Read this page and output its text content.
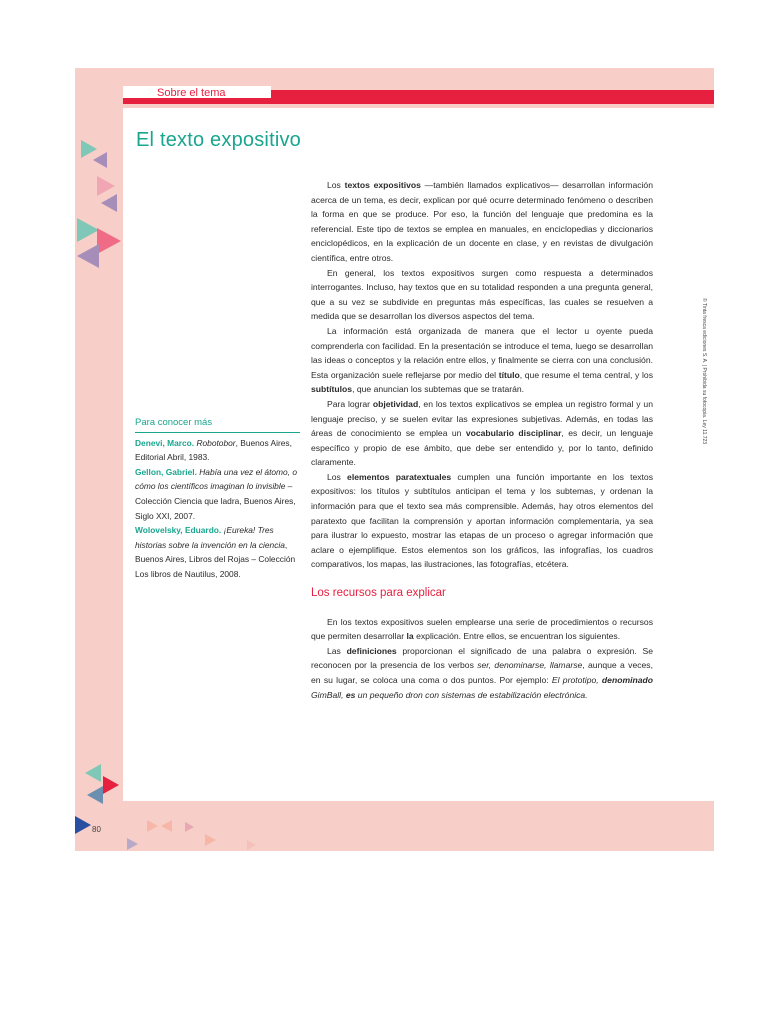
Sobre el tema
El texto expositivo

Los textos expositivos —también llamados explicativos— desarrollan información acerca de un tema, es decir, explican por qué ocurre determinado fenómeno o describen la forma en que se produce. Por eso, la función del lenguaje que predomina es la referencial. Este tipo de textos se emplea en manuales, en enciclopedias y diccionarios enciclopédicos, en la explicación de un docente en clase, y en revistas de divulgación científica, entre otros.

En general, los textos expositivos surgen como respuesta a determinados interrogantes. Incluso, hay textos que en su totalidad responden a una pregunta general, que a su vez se subdivide en preguntas más específicas, las cuales se resuelven a medida que se desarrollan los diversos aspectos del tema.

La información está organizada de manera que el lector u oyente pueda comprenderla con facilidad. En la presentación se introduce el tema, luego se desarrollan las ideas o conceptos y la relación entre ellos, y finalmente se cierra con una conclusión. Esta organización suele reflejarse por medio del título, que resume el tema central, y los subtítulos, que anuncian los subtemas que se tratarán.

Para lograr objetividad, en los textos explicativos se emplea un registro formal y un lenguaje preciso, y se suelen evitar las expresiones subjetivas. Además, en todas las áreas de conocimiento se emplea un vocabulario disciplinar, es decir, un lenguaje específico y propio de ese ámbito, que debe ser entendido y, por lo tanto, definido claramente.

Los elementos paratextuales cumplen una función importante en los textos expositivos: los títulos y subtítulos anticipan el tema y los subtemas, y ordenan la información para que el texto sea más comprensible. Además, hay otros elementos del paratexto que facilitan la comprensión y aportan información complementaria, ya sea para ilustrar lo expuesto, mostrar las etapas de un proceso o agregar información que aclare o ejemplifique. Estos elementos son los gráficos, las infografías, los cuadros comparativos, los mapas, las ilustraciones, las fotografías, etcétera.

Los recursos para explicar

En los textos expositivos suelen emplearse una serie de procedimientos o recursos que permiten desarrollar la explicación. Entre ellos, se encuentran los siguientes.

Las definiciones proporcionan el significado de una palabra o expresión. Se reconocen por la presencia de los verbos ser, denominarse, llamarse, aunque a veces, en su lugar, se coloca una coma o dos puntos. Por ejemplo: El prototipo, denominado GimBall, es un pequeño dron con sistemas de estabilización electrónica.

Para conocer más

Denevi, Marco. Robotobor, Buenos Aires, Editorial Abril, 1983.

Gellon, Gabriel. Había una vez el átomo, o cómo los científicos imaginan lo invisible – Colección Ciencia que ladra, Buenos Aires, Siglo XXI, 2007.

Wolovelsky, Eduardo. ¡Eureka! Tres historias sobre la invención en la ciencia, Buenos Aires, Libros del Rojas – Colección Los libros de Nautilus, 2008.

© Tinta fresca ediciones S. A. | Prohibida su fotocopia. Ley 11.723
80
